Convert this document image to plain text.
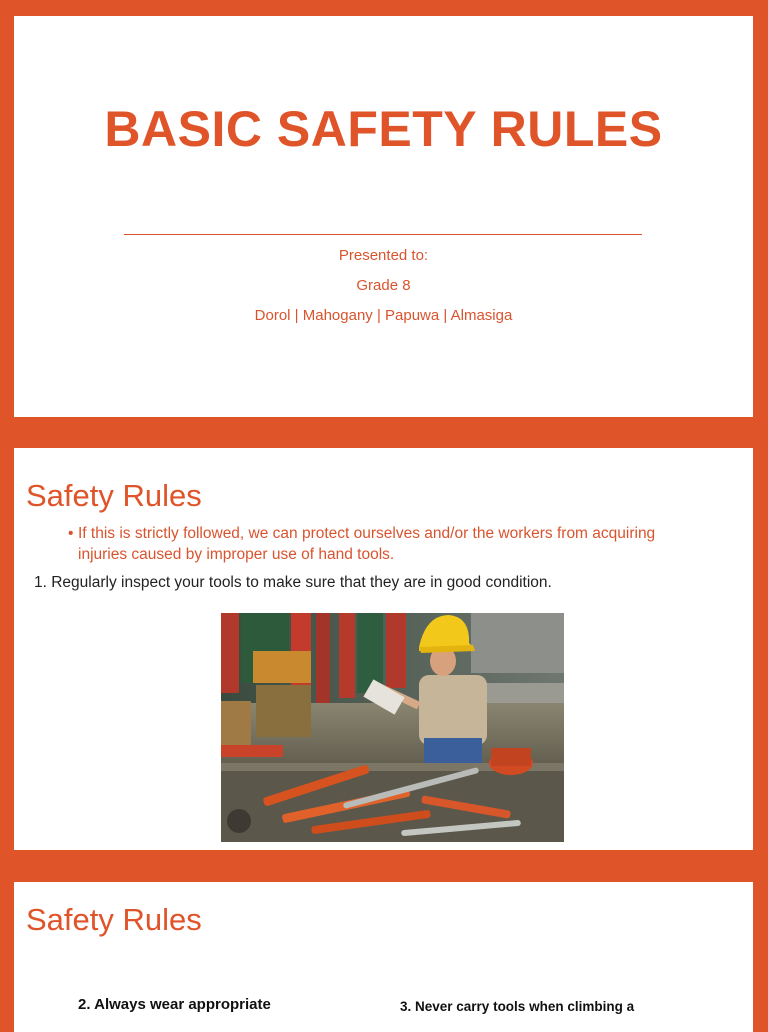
BASIC SAFETY RULES

Presented to:

Grade 8

Dorol | Mahogany | Papuwa | Almasiga

Safety Rules

• If this is strictly followed, we can protect ourselves and/or the workers from acquiring injuries caused by improper use of hand tools.

1. Regularly inspect your tools to make sure that they are in good condition.

Safety Rules

2. Always wear appropriate	3. Never carry tools when climbing a
